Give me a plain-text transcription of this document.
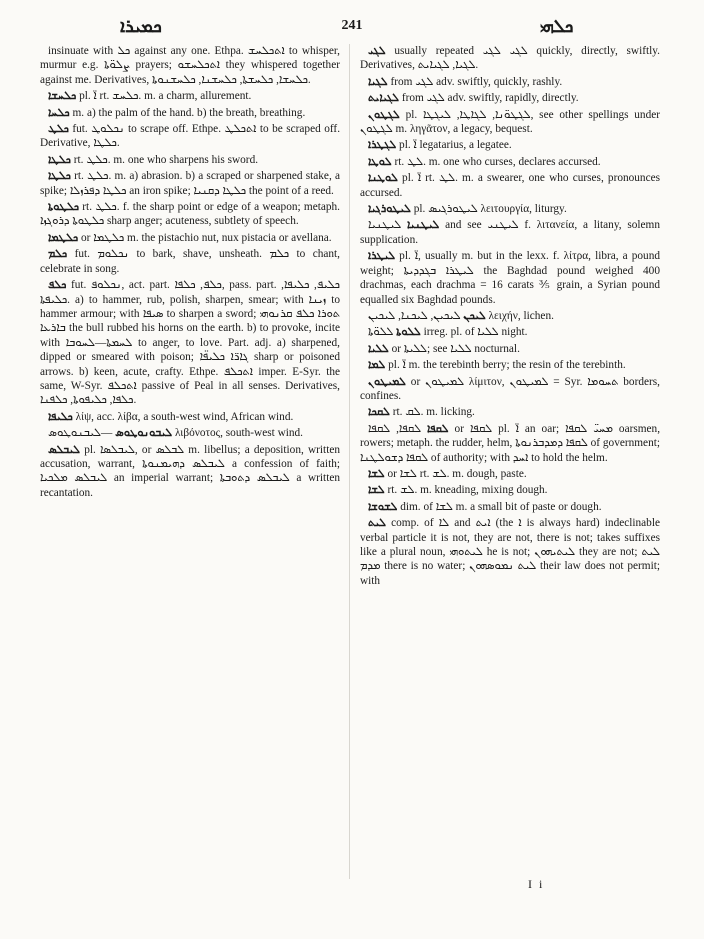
ܟܡܝܪܐ	241	ܟܠܗܝ

insinuate with ܟܠ against any one. Ethpa. ܐܬܟܠܚܫ to whisper, murmur e.g. ܨܠܘ̈ܬܐ prayers; ܐܬܟܠܚܫܘ they whispered together against me. Derivatives, ܟܠܚܫܐ, ܟܠܚܫܬܐ, ܟܠܚܫܢܐ, ܟܠܚܫܢܘܬܐ.

ܟܠܚܫܐ pl. ܐ̈ rt. ܟܠܚܫ. m. a charm, allurement.

ܟܠܚܐ m. a) the palm of the hand. b) the breath, breathing.

ܟܠܛ fut. ܢܟܠܘܛ to scrape off. Ethpe. ܐܬܟܠܛ to be scraped off. Derivative, ܟܠܛܐ.

ܟܠܛܐ rt. ܟܠܛ. m. one who sharpens his sword.

ܟܠܛܐ rt. ܟܠܛ. m. a) abrasion. b) a scraped or sharpened stake, a spike; ܟܠܛܐ ܕܦܪܙܠܐ an iron spike; ܟܠܛܐ ܕܩܢܝܐ the point of a reed.

ܟܠܛܘܬܐ rt. ܟܠܛ. f. the sharp point or edge of a weapon; metaph. ܟܠܛܘܬܐ ܕܪܘܓܙܐ sharp anger; acuteness, subtlety of speech.

ܟܠܛܡܐ or ܟܠܛܡܐ m. the pistachio nut, nux pistacia or avellana.

ܟܠܡ fut. ܢܟܠܘܡ to bark, shave, unsheath. ܟܠܡ to chant, celebrate in song.

ܟܠܦ fut. ܢܟܠܘܦ, act. part. ܟܠܦ, ܟܠܦܐ, pass. part. ܟܠܝܦ, ܟܠܝܦܐ, ܟܠܝܦܬܐ. a) to hammer, rub, polish, sharpen, smear; with ܙܝܢܐ to hammer armour; with ܣܝܦܐ to sharpen a sword; ܬܘܪܐ ܟܠܦ ܩܪܢܘܗܝ ܒܐܪܥܐ the bull rubbed his horns on the earth. b) to provoke, incite with ܠܚܡܬܐ—ܠܚܘܒܐ to anger, to love. Part. adj. a) sharpened, dipped or smeared with poison; ܓܐܪ̈ܐ ܟܠܝܦ̈ܐ sharp or poisoned arrows. b) keen, acute, crafty. Ethpe. ܐܬܟܠܦ imper. E-Syr. the same, W-Syr. ܐܬܟܠܦ passive of Peal in all senses. Derivatives, ܟܠܦܐ, ܟܠܝܦܘܬܐ, ܟܠܦܢܐ.

ܟܠܝܦܐ λίψ, acc. λίβα, a south-west wind, African wind.

ܠܝܒܘܢܘܛܘܣ —ܠܝܒܢܘܛܘܣ λιβόνοτος, south-west wind.

ܠܝܒܠܣ pl. ܠܝܒܠܣܐ, or ܠܒܠܣ m. libellus; a deposition, written accusation, warrant, ܠܝܒܠܣ ܕܗܝܡܢܘܬܐ a confession of faith; ܠܝܒܠܣ ܡܠܟܝܐ an imperial warrant; ܠܝܒܠܣ ܕܬܘܒܬܐ a written recantation.

ܠܓܝ usually repeated ܠܓܝ ܠܓܝ quickly, directly, swiftly. Derivatives, ܠܓܝܐ, ܠܓܝܐܝܬ.

ܠܓܝܐ from ܠܓܝ adv. swiftly, quickly, rashly.

ܠܓܝܐܝܬ from ܠܓܝ adv. swiftly, rapidly, directly.

ܠܓܛܘܢ pl. ܠܓܛܘ̈ܢܐ, ܠܓܐܛܐ, ܠܝܓܛܐ, see other spellings under ܠܓܛܘܢ m. ληγᾶτον, a legacy, bequest.

ܠܓܛܪܐ pl. ܐ̈ legatarius, a legatee.

ܠܘܛܐ rt. ܠܛ. m. one who curses, declares accursed.

ܠܘܛܢܐ pl. ܐ̈ rt. ܠܛ. m. a swearer, one who curses, pronounces accursed.

ܠܝܛܘܪܓܝܐ pl. ܠܝܛܘܪܓܝܣ λειτουργία, liturgy.

ܠܝܛܢܝܐ ܠܝܛܢܝܐ and see ܠܝܛܢܝ f. λιτανεία, a litany, solemn supplication.

ܠܝܛܪܐ pl. ܐ̈, usually m. but in the lexx. f. λίτρα, libra, a pound weight; ܠܝܛܪܐ ܒܓܕܕܝܬܐ the Baghdad pound weighed 400 drachmas, each drachma = 16 carats ⅗ grain, a Syrian pound equalled six Baghdad pounds.

ܠܝܟܢ ܠܝܟܝܢ, ܠܝܟܢܐ, ܠܝܟܝܢ λειχήν, lichen.

ܠܠܘܬܐ ܠܠܘ̈ܬܐ irreg. pl. of ܠܠܝܐ night.

ܠܠܝܐ or ܠܠܝܬܐ; see ܠܠܝܐ nocturnal.

ܠܡܐ pl. ܐ̈ m. the terebinth berry; the resin of the terebinth.

ܠܡܝܛܘܢ or ܠܡܝܛܘܢ λίμιτον, ܠܡܝܛܘܢ = Syr. ܬܚܘܡܐ borders, confines.

ܠܩܟܐ rt. ܠܩ. m. licking.

ܠܩܦܐ ܠܩܦܐ, ܠܩܦܐ or ܠܩܦܐ pl. ܐ̈ an oar; ܡܚܝ̈ ܠܩܦܐ oarsmen, rowers; metaph. the rudder, helm, ܠܩܦܐ ܕܡܕܒܪܢܘܬܐ of government; ܠܩܦܐ ܕܫܘܠܛܢܐ of authority; with ܐܚܕ to hold the helm.

ܠܫܐ or ܠܫܐ rt. ܠܫ. m. dough, paste.

ܠܫܐ rt. ܠܫ. m. kneading, mixing dough.

ܠܫܘܫܐ dim. of ܠܫܐ m. a small bit of paste or dough.

ܠܝܬ comp. of ܠܐ and ܐܝܬ (the ܐ is always hard) indeclinable verbal particle it is not, they are not, there is not; takes suffixes like a plural noun, ܠܝܬܘܗܝ he is not; ܠܝܬܝܗܘܢ they are not; ܠܝܬ ܡܕܡ there is no water; ܠܝܬ ܢܡܘܣܗܘܢ their law does not permit; with

I i
